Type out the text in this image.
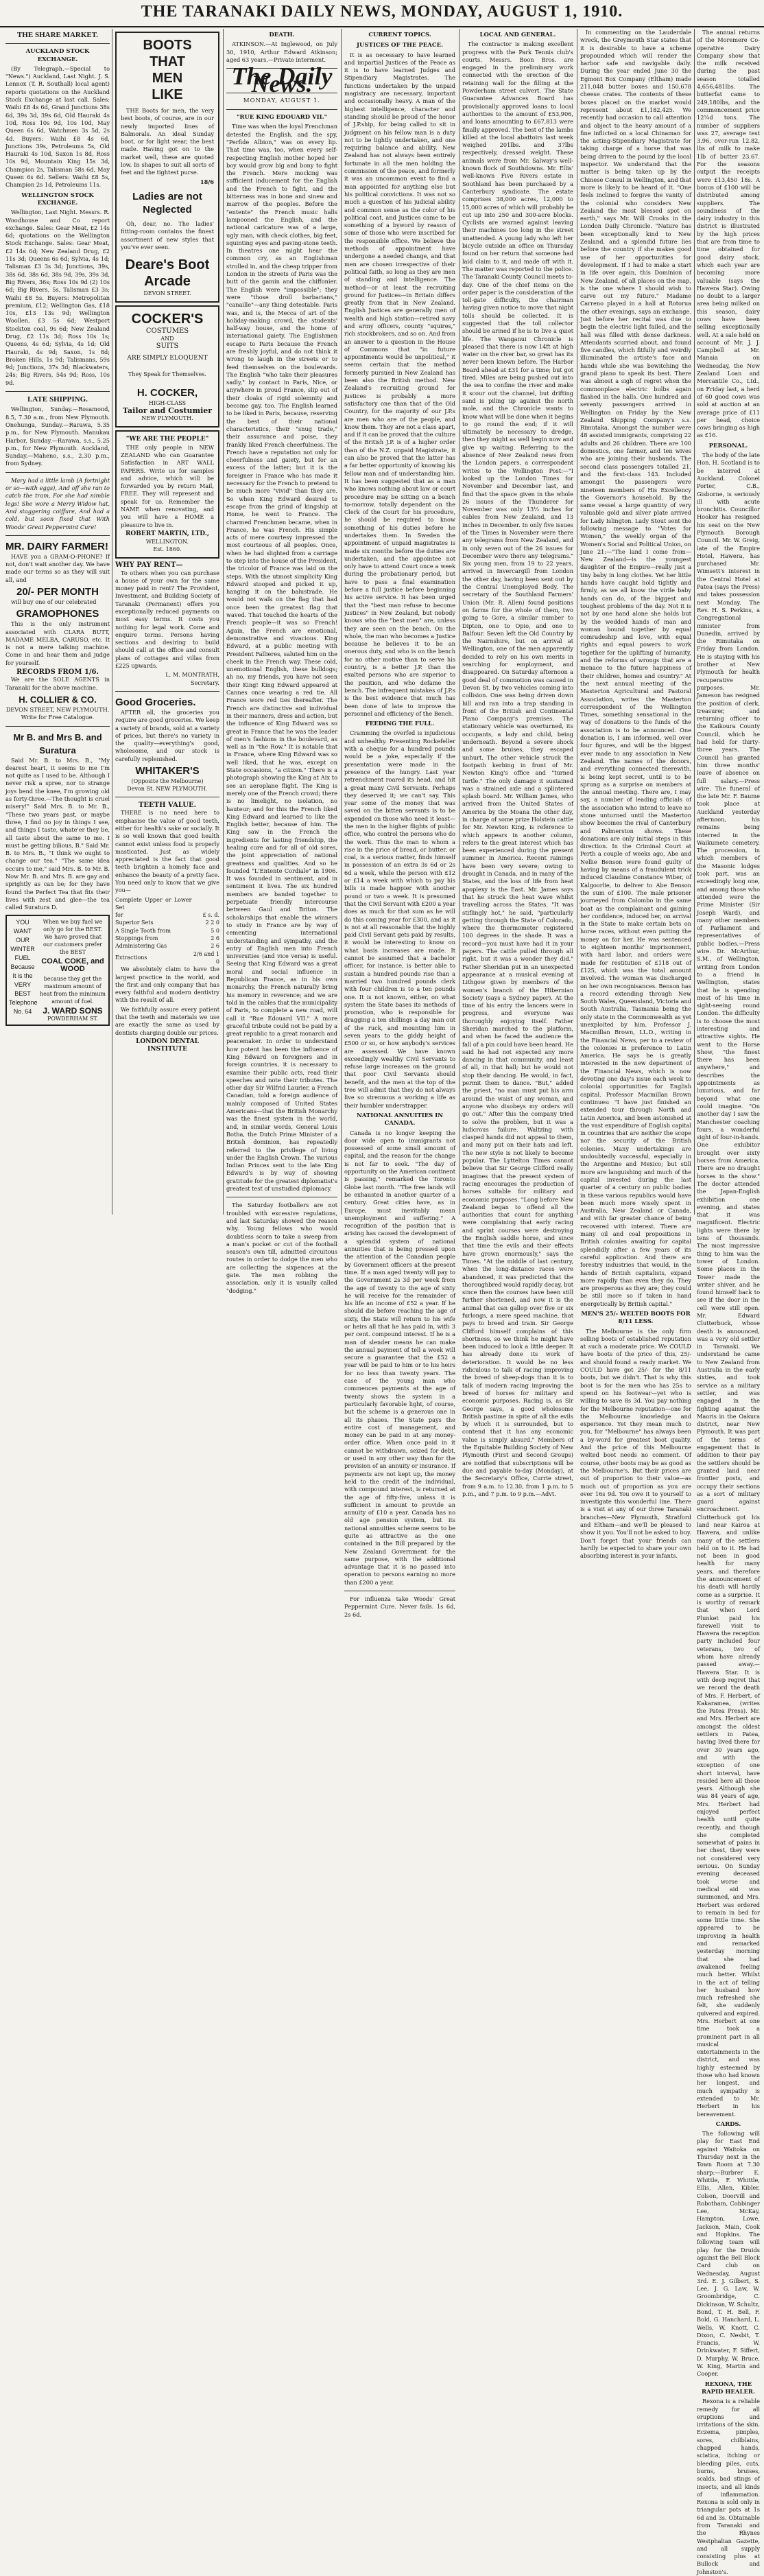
THE TARANAKI DAILY NEWS, MONDAY, AUGUST 1, 1910.
THE SHARE MARKET.
AUCKLAND STOCK EXCHANGE.

(By Telegraph.—Special to "News.") Auckland, Last Night. J. S. Lennox (T. R. Southall) local agent) reports quotations on the Auckland Stock Exchange at last call. Sales: Waihi £8 4s 6d, Grand Junctions 38s 6d, 39s 3d, 39s 6d, Old Hauraki 4s 10d, Ross 10s 9d, 10s 10d, May Queen 6s 6d, Watchmen 3s 5d, 2s 4d. Buyers: Waihi £8 4s 6d, Junctions 39s, Petroleums 5s, Old Hauraki 4s 10d, Saxon 1s 8d, Ross 10s 9d, Mountain King 15s 3d, Champion 2s, Talisman 58s 6d, May Queen 6s 6d. Sellers: Waihi £8 5s, Champion 2s 1d, Petroleums 11s.

WELLINGTON STOCK EXCHANGE.

Wellington, Last Night. Messrs. R. Woodhouse and Co report exchange. Sales: Gear Meat, £2 14s 6d; quotations on the Wellington Stock Exchange. Sales: Gear Meat, £2 14s 6d; New Zealand Drug, £2 11s 3d; Queens 6s 6d; Sylvia, 4s 1d; Talisman £3 3s 3d; Junctions, 39s, 38s 6d, 38s 6d, 38s 9d, 39s, 39s 3d, Big Rivers, 36s; Ross 10s 9d (2) 10s 6d; Big Rivers, 5s, Talisman £3 3s; Waihi £8 5s. Buyers: Metropolitan premium, £12; Wellington Gas, £18 10s, £13 13s 9d; Wellington Woollen, £3 5s 6d; Westport Stockton coal, 9s 6d; New Zealand Drug, £2 11s 3d; Ross 10s 1s; Queens, 4s 6d; Sylvia, 4s 1d; Old Hauraki, 4s 9d; Saxon, 1s 8d; Broken Hills, 1s 9d; Talismans, 59s 9d; Junctions, 37s 3d; Blackwaters, 24s; Big Rivers, 54s 9d; Ross, 10s 9d.

LATE SHIPPING.

Wellington, Sunday.—Rosamond, 8.5, 7.30 a.m., from New Plymouth. Onehunga, Sunday.—Rarawa, 5.35 p.m., for New Plymouth. Manukau Harbor, Sunday.—Rarawa, s.s., 5.25 p.m., for New Plymouth. Auckland, Sunday.—Maheno, s.s., 2.30 p.m., from Sydney.

Mary had a little lamb (A fortnight or so—with eggs), And off she ran to catch the tram, For she had nimble legs! She wore a Merry Widow hat, And staggering coiffure, And had a cold, but soon fixed that With Woods' Great Peppermint Cure!

MR. DAIRY FARMER!

HAVE you a GRAM-O-PHONE? If not, don't wait another day. We have made our terms so as they will suit all, and

20/- PER MONTH

will buy one of our celebrated

GRAMOPHONES

This is the only instrument associated with CLARA BUTT, MADAME MELBA, CARUSO, etc. It is not a mere talking machine. Come in and hear them and judge for yourself.

RECORDS FROM 1/6.

We are the SOLE AGENTS in Taranaki for the above machine.

H. COLLIER & CO.

DEVON STREET, NEW PLYMOUTH. Write for Free Catalogue.

Mr B. and Mrs B. and Suratura

Said Mr. B. to Mrs. B., "My dearest heart, it seems to me I'm not quite as I used to be. Although I never risk a spree, nor to strange joys bend the knee, I'm growing old as forty-three.—The thought is cruel misery!" Said Mrs. B. to Mr. B., "These two years past, or maybe three, I find no joy in things I see, and things I taste, whate'er they be, all taste about the same to me. I must be getting bilious, B." Said Mr. B. to Mrs. B., "I think we ought to change our tea." "The same idea occurs to me," said Mrs. B. to Mr. B. Now Mr. B. and Mrs. B. are gay and sprightly as can be; for they have found the Perfect Tea that fits their lives with zest and glee—the tea called Suratura D.

YOU
WANT
OUR
WINTER
FUEL
Because
It is the
VERY
BEST
Telephone
No. 64
When we buy fuel we only go for the BEST. We have proved that our customers prefer the BEST
COAL COKE, and WOOD
because they get the maximum amount of heat from the minimum amount of fuel.
J. WARD SONS
POWDERHAM ST.
BOOTS
THAT
MEN
LIKE

THE Boots for men, the very best boots, of course, are in our newly imported lines of Balmorals. An ideal Sunday boot, or for light wear, the best made. Having got on to the market well, these are quoted low. In shapes to suit all sorts of feet and the tightest purse.

18/6
Ladies are not Neglected

Oh, dear, no. The ladies' fitting-room contains the finest assortment of new styles that you've ever seen.

Deare's Boot Arcade
DEVON STREET.
COCKER'S
COSTUMES
AND
SUITS
ARE SIMPLY ELOQUENT
They Speak for Themselves.
H. COCKER,
HIGH-CLASS
Tailor and Costumier
NEW PLYMOUTH.
"WE ARE THE PEOPLE"

THE only people in NEW ZEALAND who can Guarantee Satisfaction in ART WALL PAPERS. Write us for samples and advice, which will be forwarded you by return Mail, FREE. They will represent and speak for us. Remember the NAME when renovating, and you will have a HOME a pleasure to live in.

ROBERT MARTIN, LTD.,
WELLINGTON.
Est. 1860.
WHY PAY RENT—

To others when you can purchase a house of your own for the same money paid in rent? The Provident, Investment, and Building Society of Taranaki (Permanent) offers you exceptionally reduced payments on most easy terms. It costs you nothing for legal work. Come and enquire terms. Persons having sections and desiring to build should call at the office and consult plans of cottages and villas from £225 upwards.

L. M. MONTRATH,
Secretary.
Good Groceries.

AFTER all, the groceries you require are good groceries. We keep a variety of brands, sold at a variety of prices, but there's no variety in the quality—everything's good, wholesome, and our stock is carefully replenished.

WHITAKER'S
(Opposite the Melbourne)
Devon St. NEW PLYMOUTH.
TEETH VALUE.

THERE is no need here to emphasise the value of good teeth, either for health's sake or socially. It is so well known that good health cannot exist unless food is properly masticated. Just as widely appreciated is the fact that good teeth brighten a homely face and enhance the beauty of a pretty face. You need only to know that we give you—

Complete Upper or Lower Set	
for	£ s. d.
Superior Sets	2 2 0
A Single Tooth from	5 0
Stoppings from	2 6
Administering Gas	2 6
Extractions	2/6 and 1 0

We absolutely claim to have the largest practice in the world, and the first and only company that has every faithful and modern dentistry with the result of all.

We faithfully assure every patient that the teeth and materials we use are exactly the same as used by dentists charging double our prices.

LONDON DENTAL INSTITUTE
DEATH.

ATKINSON.—At Inglewood, on July 30, 1910, Arthur Edward Atkinson; aged 63 years.—Private interment.

The Daily News.
MONDAY, AUGUST 1.
"RUE KING EDOUARD VII."

Time was when the loyal Frenchman detested the English, and the spy, "Perfide Albion," was on every lip. That time was, too, when every self-respecting English mother hoped her boy would grow big and bony to fight the French. Mere mocking was sufficient inducement for the English and the French to fight, and the bitterness was in bone and sinew and marrow of the peoples. Before the "entente" the French music halls lampooned the English, and the national caricature was of a large, ugly man, with check clothes, big feet, squinting eyes and paving-stone teeth. In theatres one might hear the common cry, as an Englishman strolled in, and the cheap tripper from London in the streets of Paris was the butt of the gamin and the chiffonier. The English were "impossible"; they were "those droll barbarians," "canaille"—any thing detestable. Paris was, and is, the Mecca of art of the holiday-making crowd, the students' half-way house, and the home of international gaiety. The Englishmen escape to Paris because the French are freshly joyful, and do not think it wrong to laugh in the streets or to feed themselves on the boulevards. The English "who take their pleasures sadly," by contact in Paris, Nice, or anywhere in proud France, slip out of their cloaks of rigid solemnity and become gay, too. The English learned to be liked in Paris, because, reserving the best of their national characteristics, their "snug trade," their assurance and poise, they frankly liked French cheerfulness. The French have a reputation not only for cheerfulness and gaiety, but for an excess of the latter; but it is the foreigner in France who has made it necessary for the French to pretend to be much more "vivid" than they are. So when King Edward desired to escape from the grind of kingship at Home, he went to France. The charmed Frenchmen became, when in France, he was French. His simple acts of mere courtesy impressed the most courteous of all peoples. Once, when he had slighted from a carriage to step into the house of the President, the tricolor of France was laid on the steps. With the utmost simplicity King Edward stooped and picked it up, hanging it on the balustrade. He would not walk on the flag that had once been the greatest flag that waved. That touched the hearts of the French people—it was so French! Again, the French are emotional, demonstrative and vivacious. King Edward, at a public meeting with President Fallieres, saluted him on the cheek in the French way. These cold, unemotional English, these bulldogs; ah no, my friends, you have not seen their King! King Edward appeared at Cannes once wearing a red tie. All France wore red ties thereafter. The French are distinctive and individual in their manners, dress and action, but the influence of King Edward was so great in France that he was the leader of men's fashions in the boulevard, as well as in "the Row." It is notable that in France, where King Edward was so well liked, that he was, except on State occasions, "a citizen." There is a photograph showing the King at Aix to see an aeroplane flight. The King is merely one of the French crowd; there is no limelight, no isolation, no hauteur; and for this the French liked King Edward and learned to like the English better, because of him. The King saw in the French the ingredients for lasting friendship, the healing cure and for all of old sores, the joint appreciation of national greatness and qualities. And so he founded "L'Entente Cordiale" in 1906. It was founded in sentiment, and in sentiment it lives. The six hundred members are banded together to perpetuate friendly intercourse between Gaul and Briton. The scholarships that enable the winners to study in France are by way of cementing international understanding and sympathy, and the entry of English men into French universities (and vice versa) is useful. Seeing that King Edward was a great moral and social influence in Republican France, as in his own monarchy, the French naturally bring his memory in reverence; and we are told in the cables that the municipality of Paris, to complete a new road, will call it "Rue Edouard VII." A more graceful tribute could not be paid by a great republic to a great monarch and peacemaker. In order to understand how potent has been the influence of King Edward on foreigners and in foreign countries, it is necessary to examine their public acts, read their speeches and note their tributes. The other day Sir Wilfrid Laurier, a French Canadian, told a foreign audience of mainly composed of United States Americans—that the British Monarchy was the finest system in the world, and, in similar words, General Louis Botha, the Dutch Prime Minister of a British dominion, has repeatedly referred to the privilege of living under the English Crown. The various Indian Princes sent to the late King Edward's is by way of showing gratitude for the greatest diplomatist's greatest test of unstudied diplomacy.

The Saturday footballers are not troubled with excessive regulations, and last Saturday showed the reason why. Young fellows who would doubtless scorn to take a sweep from a man's pocket or cut of the football season's own till, admitted circuitous routes in order to dodge the men who are collecting the sixpences at the gate. The men robbing the association, only it is usually called "dodging."

CURRENT TOPICS.
JUSTICES OF THE PEACE.

It is as necessary to have learned and impartial Justices of the Peace as it is to have learned Judges and Stipendiary Magistrates. The functions undertaken by the unpaid magistracy are necessary, important and occasionally heavy. A man of the highest intelligence, character and standing should be proud of the honor of J.P.ship, for being called to sit in judgment on his fellow man is a duty not to be lightly undertaken, and one requiring balance and ability. New Zealand has not always been entirely fortunate in all the men holding the commission of the peace, and formerly it was an uncommon event to find a man appointed for anything else but his political convictions. It was not so much a question of his judicial ability and common sense as the color of his political coat, and Justices came to be something of a byword by reason of some of those who were inscribed for the responsible office. We believe the methods of appointment have undergone a needed change, and that men are chosen irrespective of their political faith, so long as they are men of standing and intelligence. The method—or at least the recruiting ground for Justices—in Britain differs greatly from that in New Zealand. English Justices are generally men of wealth and high station—retired navy and army officers, county "squires," rich stockbrokers, and so on. And from an answer to a question in the House of Commons that "in future appointments would be unpolitical," it seems certain that the method formerly pursued in New Zealand has been also the British method. New Zealand's recruiting ground for justices is probably a more satisfactory one than that of the Old Country, for the majority of our J.P.s are men who are of the people, and know them. They are not a class apart, and if it can be proved that the culture of the British J.P. is of a higher order than of the N.Z. unpaid Magistrate, it can also be proved that the latter has a far better opportunity of knowing his fellow man and of understanding him. It has been suggested that as a man who knows nothing about law or court procedure may be sitting on a bench to-morrow, totally dependent on the Clerk of the Court for his procedure, he should be required to know something of his duties before he undertakes them. In Sweden the appointment of unpaid magistrates is made six months before the duties are undertaken, and the appointee not only have to attend Court once a week during the probationary period, but have to pass a final examination before a full justice before beginning his active service. It has been urged that the "best man refuse to become justices" in New Zealand, but nobody knows who the "best men" are, unless they are seen on the bench. On the whole, the man who becomes a Justice because he believes it to be an onerous duty, and who is on the bench for no other motive than to serve his country, is a better J.P. than the exalted persons who are superior to the position, and who defame the bench. The infrequent mistakes of J.P.s is the best evidence that much has been done of late to improve the personnel and efficiency of the Bench.

FEEDING THE FULL.

Cramming the overfed is injudicious and unhealthy. Presenting Rockefeller with a cheque for a hundred pounds would be a joke, especially if the presentation were made in the presence of the hungry. Last year retrenchment roared its head, and hit a great many Civil Servants. Perhaps they deserved it; we can't say. This year some of the money that was saved on the bitten servants is to be expended on those who need it least—the men in the higher flights of public office, who control the persons who do the work. Thus the man to whom a rise in the price of bread, or butter, or coal, is a serious matter, finds himself in possession of an extra 3s 6d or 2s 6d a week, while the person with £12 or £14 a week with which to pay his bills is made happier with another pound or two a week. It is presumed that the Civil Servant with £200 a year does as much for that sum as he will do this coming year for £300, and as it is not at all reasonable that the highly paid Civil Servant gets paid by results, it would be interesting to know on what basis increases are made. It cannot be assumed that a bachelor officer, for instance, is better able to sustain a hundred pounds rise than a married two hundred pounds clerk with four children is to a ten pounds one. It is not known, either, on what system the State bases its methods of promotion, who is responsible for dragging a ten shillings a day man out of the ruck, and mounting him in seven years to the giddy height of £500 or so, or how anybody's services are assessed. We have known exceedingly wealthy Civil Servants to refuse large increases on the ground that poor Civil Servants should benefit, and the men at the top of the tree will admit that they do not always live so strenuous a working a life as their humbler understrapper.

NATIONAL ANNUITIES IN CANADA.

Canada is no longer keeping the door wide open to immigrants not possessed of some small amount of capital, and the reason for the change is not far to seek. "The day of opportunity on the American continent is passing," remarked the Toronto Globe last month. "The free lands will be exhausted in another quarter of a century. Great cities have, as in Europe, must inevitably mean unemployment and suffering." A recognition of the position that is arising has caused the development of a splendid system of national annuities that is being pressed upon the attention of the Canadian people by Government officers at the present time. If a man aged twenty will pay to the Government 2s 3d per week from the age of twenty to the age of sixty he will receive for the remainder of his life an income of £52 a year. If he should die before reaching the age of sixty, the State will return to his wife or heirs all that he has paid in, with 3 per cent. compound interest. If he is a man of slender means he can make the annual payment of tell a week will secure a guarantee that the £52 a year will be paid to him or to his heirs for no less than twenty years. The case of the young man who commences payments at the age of twenty shows the system in a particularly favorable light, of course, but the scheme is a generous one in all its phases. The State pays the entire cost of management, and money can be paid in at any money-order office. When once paid in it cannot be withdrawn, seized for debt, or used in any other way than for the provision of an annuity or insurance. If payments are not kept up, the money held to the credit of the individual, with compound interest, is returned at the age of fifty-five, unless it is sufficient in amount to provide an annuity of £10 a year. Canada has no old age pension system, but its national annuities scheme seems to be quite as attractive as the one contained in the Bill prepared by the New Zealand Government for the same purpose, with the additional advantage that it is no passed into operation to persons earning no more than £200 a year.

For influenza take Woods' Great Peppermint Cure. Never fails. 1s 6d, 2s 6d.

LOCAL AND GENERAL.

The contractor is making excellent progress with the Park Tennis club's courts. Messrs. Boon Bros. are engaged in the preliminary work connected with the erection of the retaining wall for the filling at the Powderham street culvert. The State Guarantee Advances Board has provisionally approved loans to local authorities to the amount of £53,906, and loans amounting to £67,813 were finally approved. The best of the lambs killed at the local abattoirs last week weighed 201lbs. and 37lbs respectively, dressed weight. These animals were from Mr. Salway's well-known flock of Southdowns. Mr. Ellis' well-known Five Rivers estate in Southland has been purchased by a Canterbury syndicate. The estate comprises 38,000 acres, 12,000 to 15,000 acres of which will probably be cut up into 250 and 300-acre blocks. Cyclists are warned against leaving their machines too long in the street unattended. A young lady who left her bicycle outside an office on Thursday found on her return that someone had laid claim to it, and made off with it. The matter was reported to the police. The Taranaki County Council meets to-day. One of the chief items on the order paper is the consideration of the toll-gate difficulty, the chairman having given notice to move that night tolls should be collected. It is suggested that the toll collector should be armed if he is to live a quiet life. The Wanganui Chronicle is pleased that there is now 14ft at high water on the river bar, so great has its never been known before. The Harbor Board ahead at £31 for a time; but got tired. Miles are being pushed out into the sea to confine the river and make it scour out the channel, but drifting sand is piling up against the north mole, and the Chronicle wants to know what will be done when it begins to go round the end; if it will ultimately be necessary to dredge, then they might as well begin now and give up waiting. Referring to the absence of New Zealand news from the London papers, a correspondent writes to the Wellington Post:—"I looked up the London Times for November and December last, and find that the space given in the whole 26 issues of the Thunderer for November was only 13½ inches for cables from New Zealand, and 13 inches in December. In only five issues of the Times in November were there any telegrams from New Zealand, and in only seven out of the 26 issues for December were there any telegrams." Six young men, from 19 to 22 years, arrived in Invercargill from London the other day, having been sent out by the Central Unemployed Body. The secretary of the Southland Farmers' Union (Mr. R. Allen) found positions on farms for the whole of them, two going to Gore, a similar number to Dipton, one to Opio, and one to Balfour. Seven left the Old Country by the Nairnshire, but on arrival at Wellington, one of the men apparently decided to rely on his own merits in searching for employment, and disappeared. On Saturday afternoon a good deal of commotion was caused in Devon St. by two vehicles coming into collision. One was being driven down hill and ran into a trap standing in front of the British and Continental Piano Company's premises. The stationary vehicle was overturned, its occupants, a lady and child, being underneath. Beyond a severe shock and some bruises, they escaped unhurt. The other vehicle struck the footpath kerbing in front of Mr. Newton King's office and "turned turtle." The only damage it sustained was a strained axle and a splintered splash board. Mr. William James, who arrived from the United States of America by the Moana the other day, in charge of some prize Holstein cattle for Mr. Newton King, is reference to which appears in another column, refers to the great interest which has been experienced during the present summer in America. Recent rainings have been very severe; owing to drought in Canada, and in many of the States, and the loss of life from heat apoplexy is the East. Mr. James says that he struck the heat wave whilst travelling across the States. "It was stiflingly hot," he said, "particularly getting through the State of Colorado, where the thermometer registered 100 degrees in the shade. It was a record—you must have had it in your papers. The cattle pulled through all right, but it was a wonder they did." Father Sheridan put in an unexpected appearance at a musical evening at Lithgow given by members of the women's branch of the Hibernian Society (says a Sydney paper). At the time of his entry the lancers were in progress, and everyone was thoroughly enjoying itself. Father Sheridan marched to the platform, and when he faced the audience the fall of a pin could have been heard. He said he had not expected any more dancing in that community, and least of all, in that hall; but he would not stop their dancing. He would, in fact, permit them to dance. "But," added the priest, "no man must put his arm around the waist of any woman, and anyone who disobeys my orders will go out." After this the company tried to solve the problem, but it was a ludicrous failure. Waltzing with clasped hands did not appeal to them, and many put on their hats and left. The new style is not likely to become popular. The Lyttelton Times cannot believe that Sir George Clifford really imagines that the present system of racing encourages the production of horses suitable for military and economic purposes. "Long before New Zealand began to offend all the authorities that count for anything were complaining that early racing and sprint courses were destroying the English saddle horse, and since that time the evils and their effects have grown enormously," says the Times. "At the middle of last century, when the long-distance races were abandoned, it was predicted that the thoroughbred would rapidly decay, but since then the courses have been still further shortened, and now it is the animal that can gallop over five or six furlongs, a mere speed machine, that pays to breed and train. Sir George Clifford himself complains of this shortness, so we think he might have been induced to look a little deeper. It has already done its work of deterioration. It would be no less ridiculous to talk of racing improving the breed of sheep-dogs than it is to talk of modern racing improving the breed of horses for military and economic purposes. Racing is, as Sir George says, a good wholesome British pastime in spite of all the evils by which it is surrounded, but to contend that it has any economic value is simply absurd." Members of the Equitable Building Society of New Plymouth (First and Second Groups) are notified that subscriptions will be due and payable to-day (Monday), at the Secretary's Office, Currie street, from 9 a.m. to 12.30, from 1 p.m. to 5 p.m., and 7 p.m. to 9 p.m.—Advt.

In commenting on the Lauderdale wreck, the Greymouth Star states that it is desirable to have a scheme propounded which will render the harbor safe and navigable daily. During the year ended June 30 the Egmont Box Company (Eltham) made 211,048 butter boxes and 150,678 cheese crates. The contents of these boxes placed on the market would represent about £1,182,425. We recently had occasion to call attention and object to the heavy amount of a fine inflicted on a local Chinaman for the acting-Stipendiary Magistrate for taking charge of a horse that was being driven to the pound by the local inspector. We understand that the matter is being taken up by the Chinese Consul in Wellington, and that more is likely to be heard of it. "One feels inclined to forgive the vanity of the colonial who considers New Zealand the most blessed spot on earth," says Mr. Will Crooks in the London Daily Chronicle. "Nature has been exceptionally kind to New Zealand, and a splendid future lies before the country if she makes good use of her opportunities for development. If I had to make a start in life over again, this Dominion of New Zealand, of all places on the map, is the one where I should wish to carve out my future." Madame Carreno played in a hall at Rotorua the other evenings, says an exchange. Just before her recital was due to begin the electric light failed, and the hall was filled with dense darkness. Attendants scurried about, and found five candles, which fitfully and weirdly illuminated the artiste's face and hands while she was bewitching the grand piano to speak its best. There was almost a sigh of regret when the commonplace electric bulbs again flashed in the halls. One hundred and seventy passengers arrived in Wellington on Friday by the New Zealand Shipping Company's s.s. Rimutaka. Amongst the number were 48 assisted immigrants, comprising 22 adults and 26 children. There are 100 domestics, one farmer, and ten wives who are joining their husbands. The second class passengers totalled 21, and the first-class 143. Included amongst the passengers were nineteen members of His Excellency the Governor's household. By the same vessel a large quantity of very valuable gold and silver plate arrived for Lady Islington. Lady Stout sent the following message to "Votes for Women," the weekly organ of the Women's Social and Political Union, on June 21:—"The land I come from—New Zealand—is the youngest daughter of the Empire—really just a tiny baby in long clothes. Yet her little hands have caught hold tightly and firmly, as we all know the virile baby hands can do, of the biggest and toughest problems of the day. Not it is not by one hand alone she holds but by the wedded hands of man and woman bound together by equal comradeship and love, with equal rights and equal powers to work together for the uplifting of humanity, and the reforms of wrongs that are a menace to the future happiness of their children, homes and country." At the next annual meeting of the Masterton Agricultural and Pastoral Association, writes the Masterton correspondent of the Wellington Times, something sensational in the way of donations to the funds of the association is to be announced. One donation is, I am informed, well over four figures, and will be the biggest ever made to any association in New Zealand. The names of the donors, and everything connected therewith, is being kept secret, until is to be sprung as a surprise on members at the annual meeting. There are, I may say, a number of leading officials of the association who intend to leave no stone unturned until the Masterton show becomes the rival of Canterbury and Palmerston shows. These donations are only initial steps in this direction. In the Criminal Court at Perth a couple of weeks ago, Abe and Nellie Benson were found guilty of having by means of a fraudulent trick induced Claudine Constance Wiber, of Kalgoorlie, to deliver to Abe Benson the sum of £100. The male prisoner journeyed from Colombo in the same boat as the complainant and gaining her confidence, induced her, on arrival in the State to make certain bets on horse races, without even putting the money on for her. He was sentenced to eighteen months' imprisonment, with hard labor, and orders were made for restitution of £118 out of £125, which was the total amount involved. The woman was discharged on her own recognisances. Benson has a record extending through New South Wales, Queensland, Victoria and South Australia, Tasmania being the only state in the Commonwealth as yet unexploited by him. Professor J. Macmillan Brown, LL.D., writing in the Financial News, per to a review of the colonies in preference to Latin America. He says he is greatly interested in the new department of the Financial News, which is now devoting one day's issue each week to colonial opportunities for English capital. Professor Macmillan Brown continues: "I have just finished an extended tour through North and Latin America, and been astonished at the vast expenditure of English capital in countries that are neither the scope nor the security of the British colonies. Many undertakings are undoubtedly successful, especially in the Argentine and Mexico; but still more are languishing and much of the capital invested during the last quarter of a century on public bodies in these various republics would have been much more wisely spent in Australia, New Zealand or Canada, and with far greater chance of being recovered with interest. There are many oil and coal propositions in British colonies awaiting for capital splendidly after a few years of its careful application. And there are forestry industries that would, in the hands of British capitalists, expand more rapidly than even they do. They are prosperous as they are; they could be still more so if taken in hand energetically by British capital."

MEN'S 25/- WELTED BOOTS FOR 8/11 LESS.

The Melbourne is the only firm selling boots of established reputation at such a moderate price. We COULD have boots of the price of this, 25/- and should found a ready market. We COULD have got 25/- for the 8/11 boots, but we didn't. That is why this boot is for the men who has 25s to spend on his footwear—yet who is willing to save 8s 3d. You pay nothing for the Melbourne reputation—one for the Melbourne knowledge and experience. Yet they mean much to you, for "Melbourne" has always been a by-word for greatest boot quality. And the price of this Melbourne welted boot needs no comment. Of course, other boots may be as good as the Melbourne's. But their prices are out of proportion to their value—as much out of proportion as you are over 16s 9d. You owe it to yourself to investigate this wonderful line. There is a visit at any of our three Taranaki branches—New Plymouth, Stratford and Eltham—and we'll be pleased to show it you. You'll not be asked to buy. Don't forget that your friends can hardly be expected to share your own absorbing interest in your infants.

The annual returns of the Moremere Co-operative Dairy Company show that the milk received during the past season totalled 4,656,481lbs. The butterfat came to 249,180lbs, and the commencement price 12¼d tons. The number of suppliers was 27, average test 3.96, over-run 12.82, lbs of milk to make 1lb of butter 23.67. For the seasons output the receipts were £13,450 18s. A bonus of £100 will be distributed among suppliers. The soundness of the dairy industry in this district is illustrated by the high prices that are from time to time obtained for good dairy stock, which each year are becoming more valuable (says the Hawera Star). Owing no doubt to a larger area being milked on this season, dairy cows have been selling exceptionally well. At a sale held on account of Mr. J. J. Campbell at Mr. Manaia on Wednesday, the New Zealand Loan and Mercantile Co., Ltd., on Friday last, a herd of 60 good cows was sold at auction at an average price of £11 per head, choice cows bringing as high as £16.

PERSONAL.

The body of the late Hon. H. Scotland is to be interred at Auckland. Colonel Porter, C.B., Gisborne, is seriously ill with acute bronchitis. Councillor Hooker has resigned his seat on the New Plymouth Borough Council. Mr. W. Greig, late of the Empire Hotel, Hawera, has purchased Mr. Wimsett's interest in the Central Hotel at Patea (says the Press) and takes possession next Monday. The Rev. H. S. Perkins, a Congregational minister from Dunedin, arrived by the Rimutaka on Friday from London. He is staying with his brother at New Plymouth for health recuperative purposes. Mr. Jameson has resigned the position of clerk, treasurer, and returning officer to the Kaikoura County Council, which he had held for thirty-three years. The Council has granted him three months' leave of absence on full salary.—Press wire. The funeral of the late Mr. F. Baume took place at Auckland yesterday afternoon, his remains being interred in the Waikumete cemetery. The procession, in which members of the Masonic lodges took part, was an exceedingly long one, and among those who attended were the Prime Minister (Sir Joseph Ward), and many other members of Parliament and representatives of public bodies.—Press wire. Dr. McArthur, S.M., of Wellington, writing from London to a friend in Wellington, states that he is spending most of his time in sight-seeing round London. The difficulty is to choose the most interesting and attractive sights. He went to the Horse Show, "the finest there has been anywhere," and describes the appointments as luxurious, and far beyond what one could imagine. "On another day I saw the Manchester coaching fours, a wonderful sight of four-in-hands. One exhibitor brought over sixty horses from America. There are no draught horses in the show." The doctor attended the Japan-English exhibition one evening, and states that it was magnificent. Electric lights were there by tens of thousands. The most impressive thing to him was the tower of London. Some places in the Tower made the writer shiver, and he found himself back to see if the door in the cell were still open. Mr. Edward Clutterbuck, whose death is announced, was a very old settler in Taranaki. We understand he came to New Zealand from Australia in the early sixties, and took service as a military settler, and was engaged in the fighting against the Maoris in the Oakura district, near New Plymouth. It was part of the terms of engagement that in addition to their pay the settlers should be granted land near frontier posts, and occupy their sections as a sort of military guard against encroachment. Clutterbuck got his land near Kairoa at Hawera, and unlike many of the settlers held on to it. He had not been in good health for many years, and therefore the announcement of his death will hardly come as a surprise. It is worthy of remark that when Lord Plunket paid his farewell visit to Hawera the reception party included four veterans, two of whom have already passed away.—Hawera Star. It is with deep regret that we record the death of Mrs. F. Herbert, of Kakaramea, (writes the Patea Press). Mr. and Mrs. Herbert are amongst the oldest settlers in Patea, having lived there for over 30 years ago, and with the exception of one short interval, have resided here all those years. Although she was 84 years of age, Mrs. Herbert had enjoyed perfect health until quite recently, and though she completed somewhat of pains in her chest, they were not considered very serious. On Sunday evening deceased took worse and medical aid was summoned, and Mrs. Herbert was ordered to remain in bed for some little time. She appeared to be improving in health and remarked yesterday morning that she had awakened feeling much better. Whilst in the act of telling her husband how much refreshed she felt, she suddenly quivered and expired. Mrs. Herbert at one time took a prominent part in all musical entertainments in the district, and was highly esteemed by those who had known her longest, and much sympathy is extended to Mr. Herbert in his bereavement.

CARDS.

The following will play for East End against Waitoka on Thursday next in the Town Room at 7.30 sharp:—Burbrer E. Whittle, F. Whittle, Ellis, Allen, Kibler, Colson, Doorvill and Robotham, Cobbinger Lee, McKay, Hampton, Lowe, Jackson, Main, Cook and Hopkins. The following team will play for the Druids against the Bell Block Card club on Wednesday, August 3rd. E. J. Gilbert, S. Lee, J. G. Law, W. Groombridge, C. Dickinson, W. Schultz, Bond, T. H. Bell, F. Bold, G. Hanchard, L. Wells, W. Knott, C. Dixon, C. Nesbit, T. Francis, W. Drinkwater, F. Siffert, D. Murphy, W. Bruce, W. King, Martin and Cooper.

REXONA, THE RAPID HEALER.

Rexona is a reliable remedy for all eruptions and irritations of the skin. Eczema, pimples, sores, chilblains, chapped hands, sciatica, itching or bleeding piles, cuts, burns, bruises, scalds, bad stings of insects, and all kinds of inflammation. Rexona is sold only in triangular pots at 1s 6d and 3s. Obtainable from Taranaki and the Rhynes Westphalian Gazette, and all supply consisting plus at Bullock and Johnston's.
